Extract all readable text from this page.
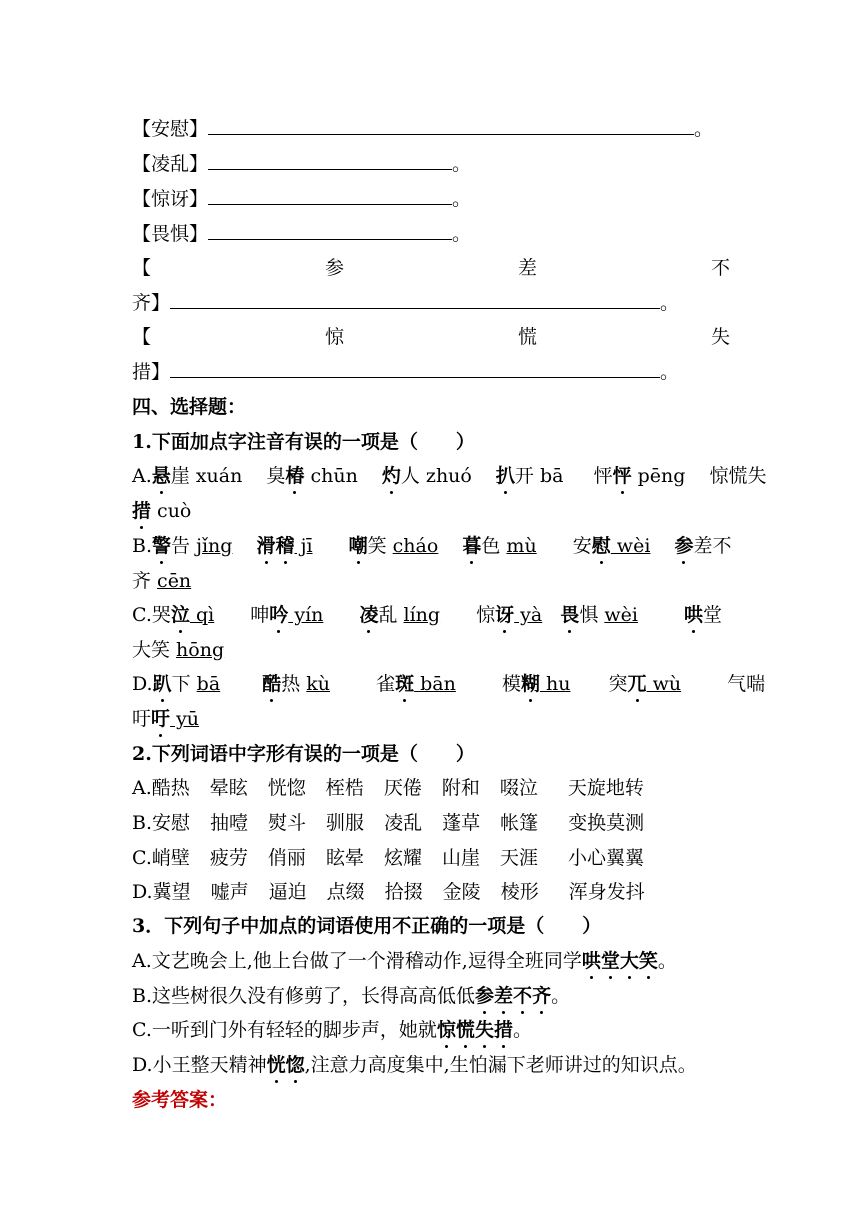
【安慰】	。
【凌乱】	。
【惊讶】	。
【畏惧】	。
【	参	差	不
齐】	。
【	惊	慌	失
措】	。
四、选择题：
1.下面加点字注音有误的一项是（　　）
A.悬崖 xuán 臭椿 chūn 灼人 zhuó 扒开 bā 怦怦 pēng 惊慌失
措 cuò
B.警告 jǐng 滑稽 jī 嘲笑 cháo 暮色 mù 安慰 wèi 参差不
齐 cēn
C.哭泣 qì 呻吟 yín 凌乱 líng 惊讶 yà 畏惧 wèi 哄堂
大笑 hōng
D.趴下 bā 酷热 kù 雀斑 bān 模糊 hu 突兀 wù 气喘
吁吁 yū
2.下列词语中字形有误的一项是（　　）
A.酷热 晕眩 恍惚 桎梏 厌倦 附和 啜泣 天旋地转
B.安慰 抽噎 熨斗 驯服 凌乱 蓬草 帐篷 变换莫测
C.峭壁 疲劳 俏丽 眩晕 炫耀 山崖 天涯 小心翼翼
D.冀望 嘘声 逼迫 点缀 拾掇 金陵 棱形 浑身发抖
3．下列句子中加点的词语使用不正确的一项是（　　）
A.文艺晚会上,他上台做了一个滑稽动作,逗得全班同学哄堂大笑。
B.这些树很久没有修剪了，长得高高低低参差不齐。
C.一听到门外有轻轻的脚步声，她就惊慌失措。
D.小王整天精神恍惚,注意力高度集中,生怕漏下老师讲过的知识点。
参考答案：
